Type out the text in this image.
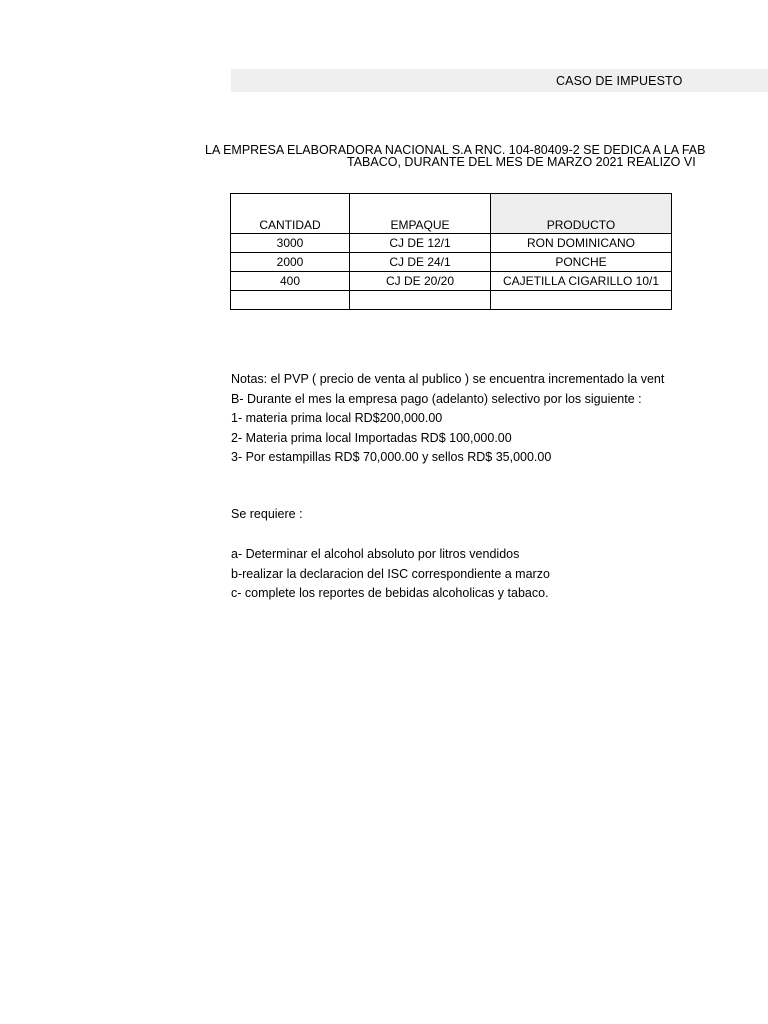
CASO DE IMPUESTO
LA EMPRESA ELABORADORA NACIONAL S.A RNC. 104-80409-2 SE DEDICA A LA FAB
TABACO, DURANTE DEL MES DE MARZO 2021 REALIZO VI
CANTIDAD	EMPAQUE	PRODUCTO
3000	CJ DE 12/1	RON DOMINICANO
2000	CJ DE 24/1	PONCHE
400	CJ DE 20/20	CAJETILLA CIGARILLO 10/1

Notas: el PVP ( precio de venta al publico ) se encuentra incrementado la vent
B- Durante el mes la empresa pago (adelanto) selectivo por los siguiente :
1- materia prima local RD$200,000.00
2- Materia prima local Importadas RD$ 100,000.00
3- Por estampillas RD$ 70,000.00 y sellos RD$ 35,000.00
Se requiere :
a- Determinar el alcohol absoluto por litros vendidos
b-realizar la declaracion del ISC correspondiente a marzo
c- complete los reportes de bebidas alcoholicas y tabaco.
